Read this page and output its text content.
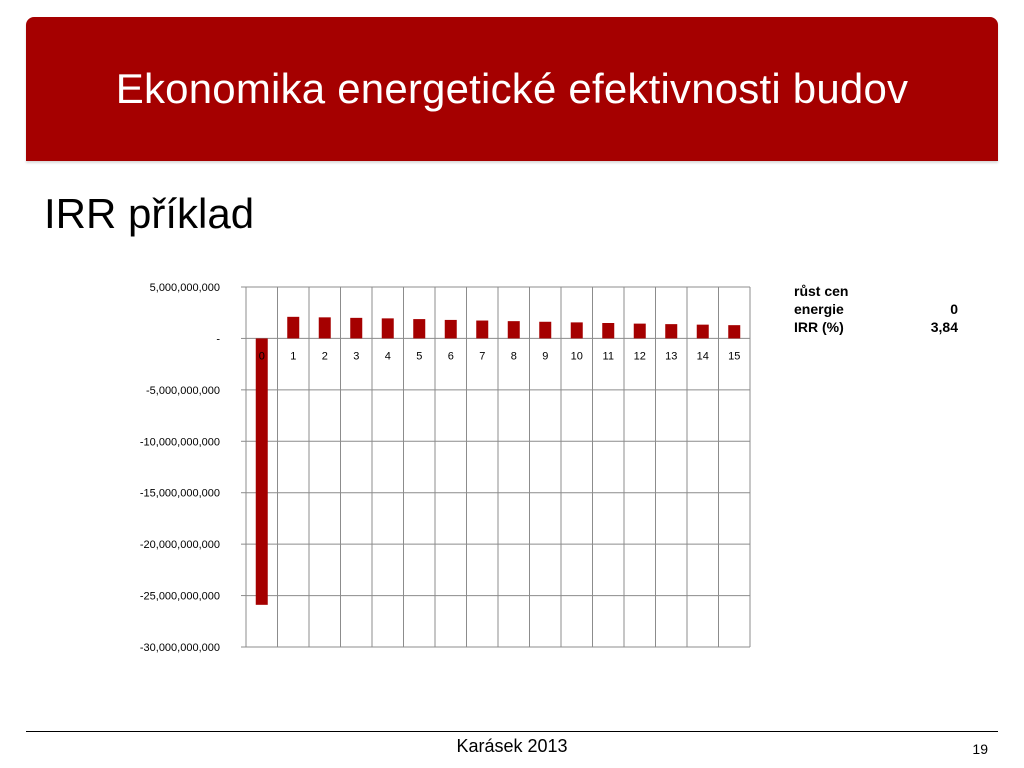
Ekonomika energetické efektivnosti budov
IRR příklad
5,000,000,000
-
-5,000,000,000
-10,000,000,000
-15,000,000,000
-20,000,000,000
-25,000,000,000
-30,000,000,000
0 1 2 3 4 5 6 7 8 9 10 11 12 13 14 15
růst cen
energie	0
IRR (%)	3,84
Karásek 2013	19
